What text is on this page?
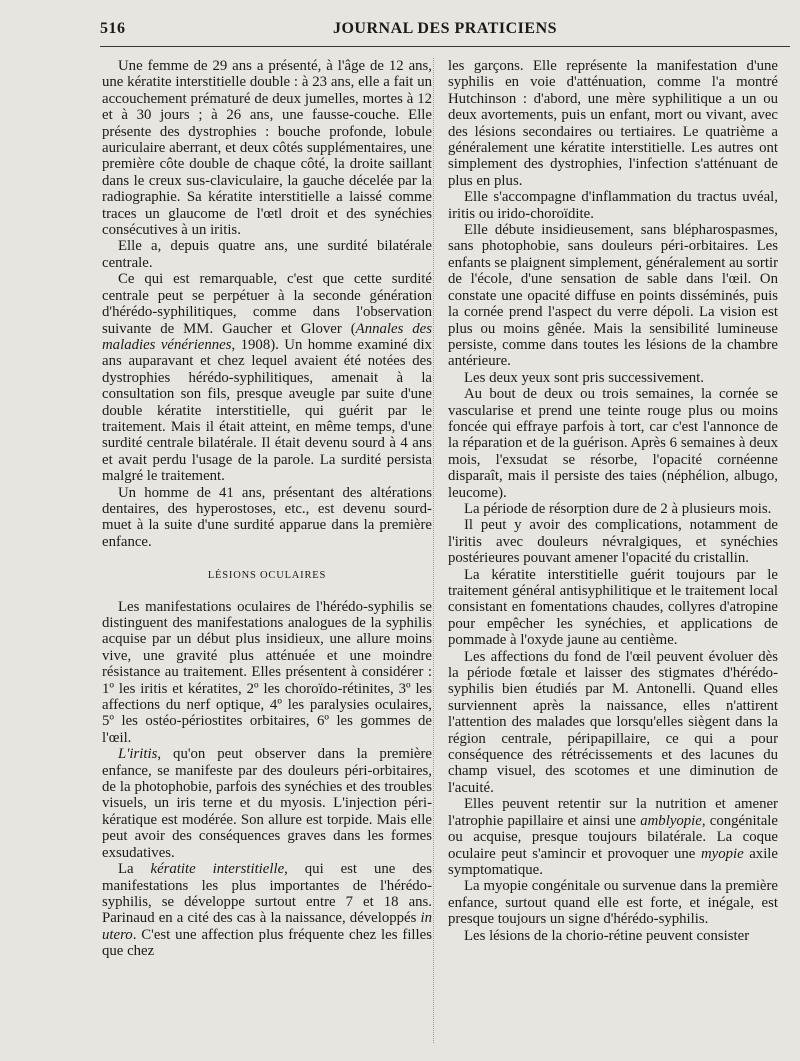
516	JOURNAL DES PRATICIENS

Une femme de 29 ans a présenté, à l'âge de 12 ans, une kératite interstitielle double : à 23 ans, elle a fait un accouchement prématuré de deux jumelles, mortes à 12 et à 30 jours ; à 26 ans, une fausse-couche. Elle présente des dystrophies : bouche profonde, lobule auriculaire aberrant, et deux côtés supplémentaires, une première côte double de chaque côté, la droite saillant dans le creux sus-claviculaire, la gauche décelée par la radiographie. Sa kératite interstitielle a laissé comme traces un glaucome de l'œtl droit et des synéchies consécutives à un iritis.

Elle a, depuis quatre ans, une surdité bilatérale centrale.

Ce qui est remarquable, c'est que cette surdité centrale peut se perpétuer à la seconde génération d'hérédo-syphilitiques, comme dans l'observation suivante de MM. Gaucher et Glover (Annales des maladies vénériennes, 1908). Un homme examiné dix ans auparavant et chez lequel avaient été notées des dystrophies hérédo-syphilitiques, amenait à la consultation son fils, presque aveugle par suite d'une double kératite interstitielle, qui guérit par le traitement. Mais il était atteint, en même temps, d'une surdité centrale bilatérale. Il était devenu sourd à 4 ans et avait perdu l'usage de la parole. La surdité persista malgré le traitement.

Un homme de 41 ans, présentant des altérations dentaires, des hyperostoses, etc., est devenu sourd-muet à la suite d'une surdité apparue dans la première enfance.

LÉSIONS OCULAIRES

Les manifestations oculaires de l'hérédo-syphilis se distinguent des manifestations analogues de la syphilis acquise par un début plus insidieux, une allure moins vive, une gravité plus atténuée et une moindre résistance au traitement. Elles présentent à considérer : 1º les iritis et kératites, 2º les choroïdo-rétinites, 3º les affections du nerf optique, 4º les paralysies oculaires, 5º les ostéo-périostites orbitaires, 6º les gommes de l'œil.

L'iritis, qu'on peut observer dans la première enfance, se manifeste par des douleurs péri-orbitaires, de la photophobie, parfois des synéchies et des troubles visuels, un iris terne et du myosis. L'injection péri-kératique est modérée. Son allure est torpide. Mais elle peut avoir des conséquences graves dans les formes exsudatives.

La kératite interstitielle, qui est une des manifestations les plus importantes de l'hérédo-syphilis, se développe surtout entre 7 et 18 ans. Parinaud en a cité des cas à la naissance, développés in utero. C'est une affection plus fréquente chez les filles que chez

les garçons. Elle représente la manifestation d'une syphilis en voie d'atténuation, comme l'a montré Hutchinson : d'abord, une mère syphilitique a un ou deux avortements, puis un enfant, mort ou vivant, avec des lésions secondaires ou tertiaires. Le quatrième a généralement une kératite interstitielle. Les autres ont simplement des dystrophies, l'infection s'atténuant de plus en plus.

Elle s'accompagne d'inflammation du tractus uvéal, iritis ou irido-choroïdite.

Elle débute insidieusement, sans blépharospasmes, sans photophobie, sans douleurs péri-orbitaires. Les enfants se plaignent simplement, généralement au sortir de l'école, d'une sensation de sable dans l'œil. On constate une opacité diffuse en points disséminés, puis la cornée prend l'aspect du verre dépoli. La vision est plus ou moins gênée. Mais la sensibilité lumineuse persiste, comme dans toutes les lésions de la chambre antérieure.

Les deux yeux sont pris successivement.

Au bout de deux ou trois semaines, la cornée se vascularise et prend une teinte rouge plus ou moins foncée qui effraye parfois à tort, car c'est l'annonce de la réparation et de la guérison. Après 6 semaines à deux mois, l'exsudat se résorbe, l'opacité cornéenne disparaît, mais il persiste des taies (néphélion, albugo, leucome).

La période de résorption dure de 2 à plusieurs mois.

Il peut y avoir des complications, notamment de l'iritis avec douleurs névralgiques, et synéchies postérieures pouvant amener l'opacité du cristallin.

La kératite interstitielle guérit toujours par le traitement général antisyphilitique et le traitement local consistant en fomentations chaudes, collyres d'atropine pour empêcher les synéchies, et applications de pommade à l'oxyde jaune au centième.

Les affections du fond de l'œil peuvent évoluer dès la période fœtale et laisser des stigmates d'hérédo-syphilis bien étudiés par M. Antonelli. Quand elles surviennent après la naissance, elles n'attirent l'attention des malades que lorsqu'elles siègent dans la région centrale, péripapillaire, ce qui a pour conséquence des rétrécissements et des lacunes du champ visuel, des scotomes et une diminution de l'acuité.

Elles peuvent retentir sur la nutrition et amener l'atrophie papillaire et ainsi une amblyopie, congénitale ou acquise, presque toujours bilatérale. La coque oculaire peut s'amincir et provoquer une myopie axile symptomatique.

La myopie congénitale ou survenue dans la première enfance, surtout quand elle est forte, et inégale, est presque toujours un signe d'hérédo-syphilis.

Les lésions de la chorio-rétine peuvent consister
